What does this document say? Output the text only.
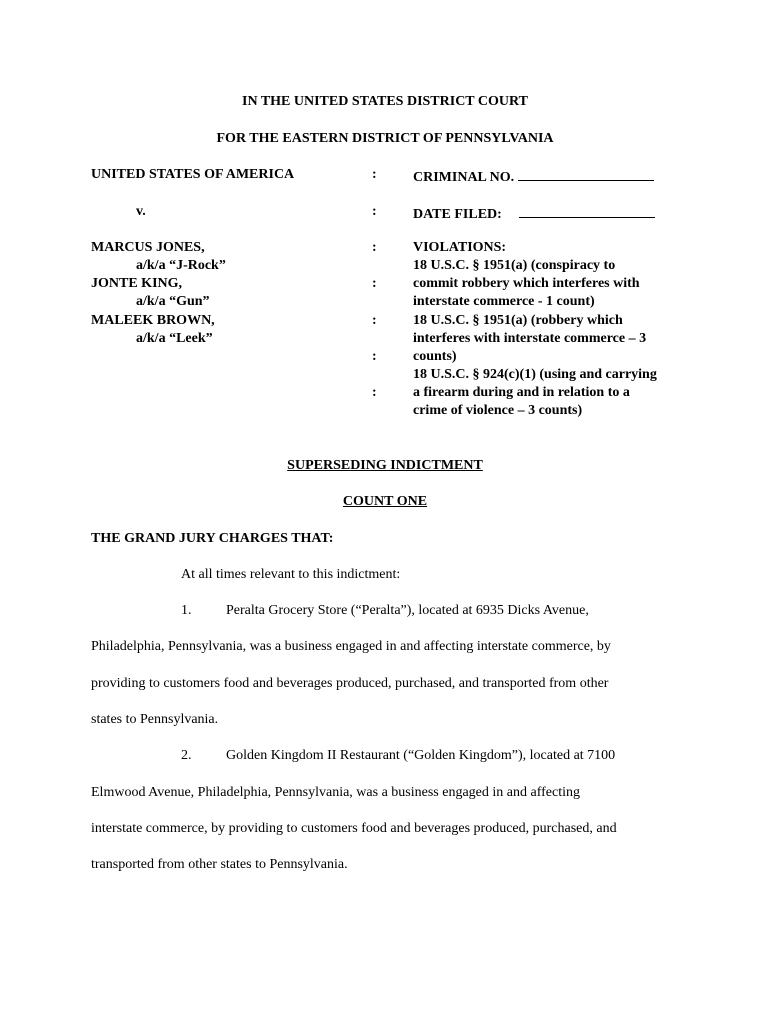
IN THE UNITED STATES DISTRICT COURT
FOR THE EASTERN DISTRICT OF PENNSYLVANIA
UNITED STATES OF AMERICA
v.
MARCUS JONES,
a/k/a “J-Rock”
JONTE KING,
a/k/a “Gun”
MALEEK BROWN,
a/k/a “Leek”
:
:
:
:
:
:
:
CRIMINAL NO.
DATE FILED:
VIOLATIONS:
18 U.S.C. § 1951(a) (conspiracy to
commit robbery which interferes with
interstate commerce - 1 count)
18 U.S.C. § 1951(a) (robbery which
interferes with interstate commerce – 3
counts)
18 U.S.C. § 924(c)(1) (using and carrying
a firearm during and in relation to a
crime of violence – 3 counts)
SUPERSEDING INDICTMENT
COUNT ONE
THE GRAND JURY CHARGES THAT:
At all times relevant to this indictment:
1. Peralta Grocery Store (“Peralta”), located at 6935 Dicks Avenue,
Philadelphia, Pennsylvania, was a business engaged in and affecting interstate commerce, by
providing to customers food and beverages produced, purchased, and transported from other
states to Pennsylvania.
2. Golden Kingdom II Restaurant (“Golden Kingdom”), located at 7100
Elmwood Avenue, Philadelphia, Pennsylvania, was a business engaged in and affecting
interstate commerce, by providing to customers food and beverages produced, purchased, and
transported from other states to Pennsylvania.
